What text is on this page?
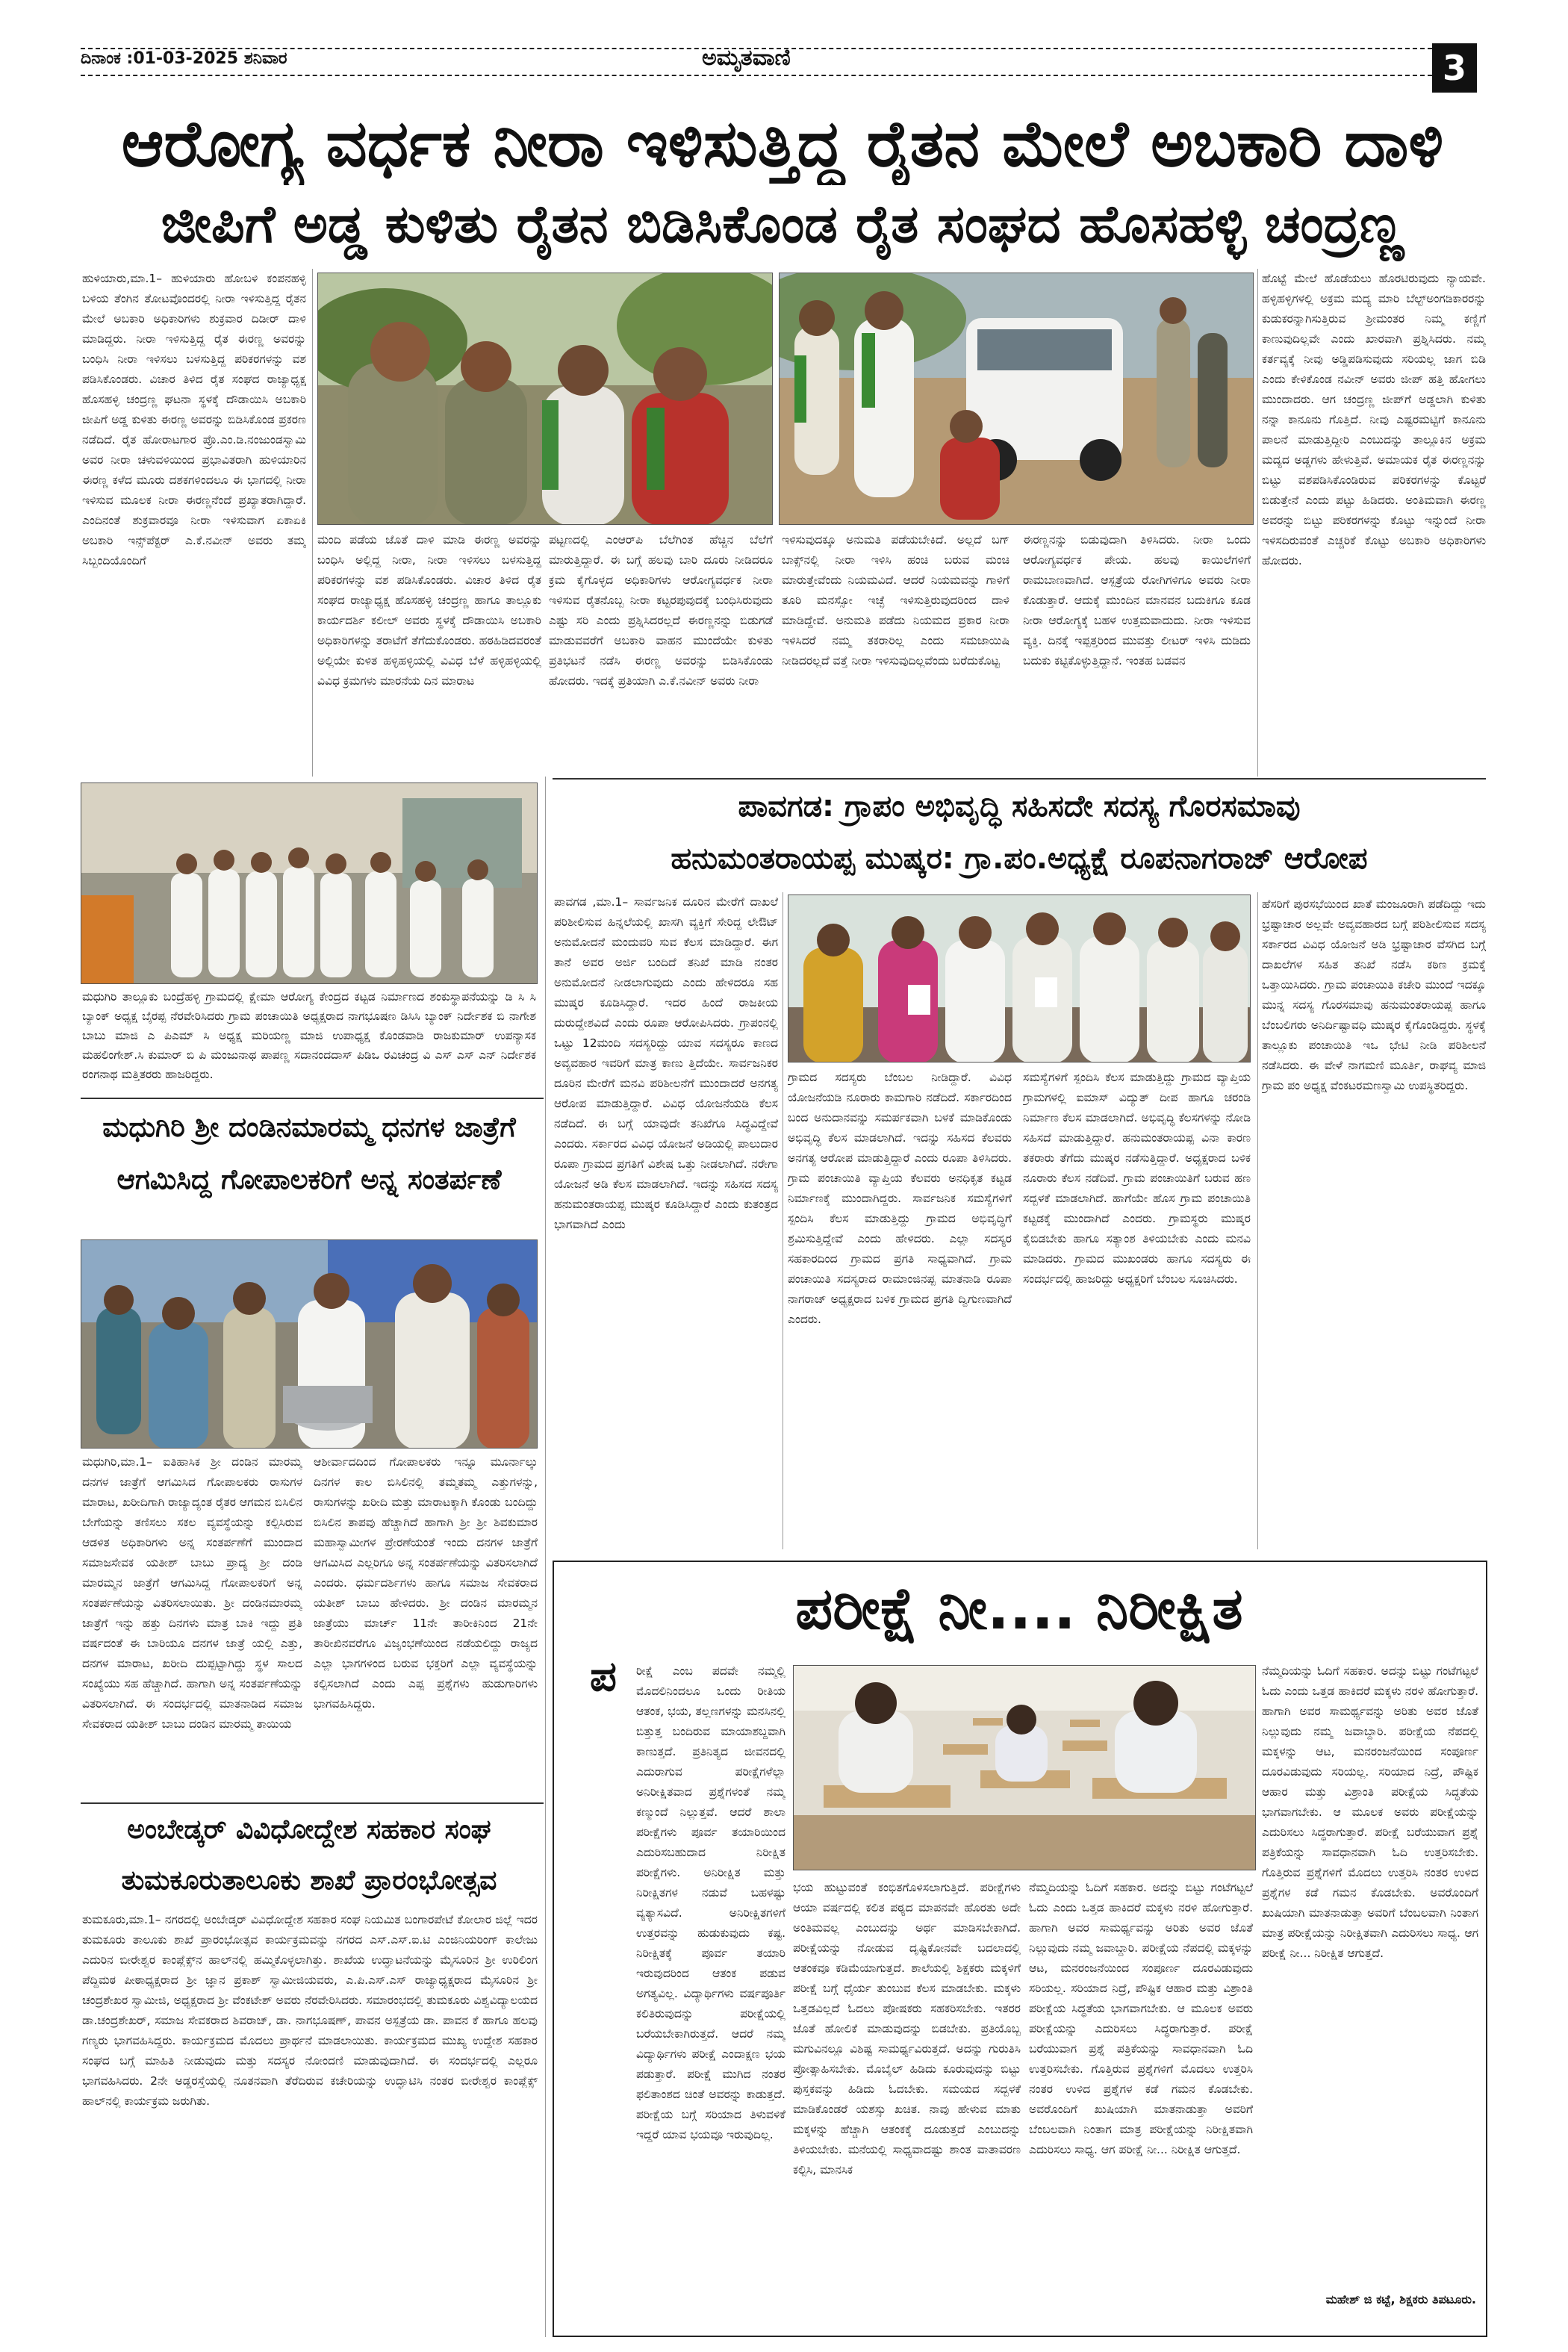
ದಿನಾಂಕ :01-03-2025 ಶನಿವಾರ	ಅಮೃತವಾಣಿ	3
ಆರೋಗ್ಯ ವರ್ಧಕ ನೀರಾ ಇಳಿಸುತ್ತಿದ್ದ ರೈತನ ಮೇಲೆ ಅಬಕಾರಿ ದಾಳಿ
ಜೀಪಿಗೆ ಅಡ್ಡ ಕುಳಿತು ರೈತನ ಬಿಡಿಸಿಕೊಂಡ ರೈತ ಸಂಘದ ಹೊಸಹಳ್ಳಿ ಚಂದ್ರಣ್ಣ
ಹುಳಿಯಾರು,ಮಾ.1– ಹುಳಿಯಾರು ಹೋಬಳಿ ಕಂಪನಹಳ್ಳಿ ಬಳಿಯ ತೆಂಗಿನ ತೋಟವೊಂದರಲ್ಲಿ ನೀರಾ ಇಳಿಸುತ್ತಿದ್ದ ರೈತನ ಮೇಲೆ ಅಬಕಾರಿ ಅಧಿಕಾರಿಗಳು ಶುಕ್ರವಾರ ದಿಡೀರ್ ದಾಳಿ ಮಾಡಿದ್ದರು. ನೀರಾ ಇಳಿಸುತ್ತಿದ್ದ ರೈತ ಈರಣ್ಣ ಅವರನ್ನು ಬಂಧಿಸಿ ನೀರಾ ಇಳಿಸಲು ಬಳಸುತ್ತಿದ್ದ ಪರಿಕರಗಳನ್ನು ವಶ ಪಡಿಸಿಕೊಂಡರು. ವಿಚಾರ ತಿಳಿದ ರೈತ ಸಂಘದ ರಾಜ್ಯಾಧ್ಯಕ್ಷ ಹೊಸಹಳ್ಳಿ ಚಂದ್ರಣ್ಣ ಘಟನಾ ಸ್ಥಳಕ್ಕೆ ದೌಡಾಯಿಸಿ ಅಬಕಾರಿ ಜೀಪಿಗೆ ಅಡ್ಡ ಕುಳಿತು ಈರಣ್ಣ ಅವರನ್ನು ಬಿಡಿಸಿಕೊಂಡ ಪ್ರಕರಣ ನಡೆದಿದೆ. ರೈತ ಹೋರಾಟಗಾರ ಪ್ರೊ.ಎಂ.ಡಿ.ನಂಜುಂಡಸ್ವಾಮಿ ಅವರ ನೀರಾ ಚಳುವಳಿಯಿಂದ ಪ್ರಭಾವಿತರಾಗಿ ಹುಳಿಯಾರಿನ ಈರಣ್ಣ ಕಳೆದ ಮೂರು ದಶಕಗಳಿಂದಲೂ ಈ ಭಾಗದಲ್ಲಿ ನೀರಾ ಇಳಿಸುವ ಮೂಲಕ ನೀರಾ ಈರಣ್ಣನೆಂದೆ ಪ್ರಖ್ಯಾತರಾಗಿದ್ದಾರೆ. ಎಂದಿನಂತೆ ಶುಕ್ರವಾರವೂ ನೀರಾ ಇಳಿಸುವಾಗ ಏಕಾಏಕಿ ಅಬಕಾರಿ ಇನ್ಸ್‌ಪೆಕ್ಟರ್ ಎ.ಕೆ.ನವೀನ್ ಅವರು ತಮ್ಮ ಸಿಬ್ಬಂದಿಯೊಂದಿಗೆ
ಮಂದಿ ಪಡೆಯ ಜೊತೆ ದಾಳಿ ಮಾಡಿ ಈರಣ್ಣ ಅವರನ್ನು ಬಂಧಿಸಿ ಅಲ್ಲಿದ್ದ ನೀರಾ, ನೀರಾ ಇಳಿಸಲು ಬಳಸುತ್ತಿದ್ದ ಪರಿಕರಗಳನ್ನು ವಶ ಪಡಿಸಿಕೊಂಡರು. ವಿಚಾರ ತಿಳಿದ ರೈತ ಸಂಘದ ರಾಜ್ಯಾಧ್ಯಕ್ಷ ಹೊಸಹಳ್ಳಿ ಚಂದ್ರಣ್ಣ ಹಾಗೂ ತಾಲ್ಲೂಕು ಕಾರ್ಯದರ್ಶಿ ಕಲೀಲ್ ಅವರು ಸ್ಥಳಕ್ಕೆ ದೌಡಾಯಿಸಿ ಅಬಕಾರಿ ಅಧಿಕಾರಿಗಳನ್ನು ತರಾಟೆಗೆ ತೆಗೆದುಕೊಂಡರು. ಹಠಹಿಡಿದವರಂತೆ ಅಲ್ಲಿಯೇ ಕುಳಿತ ಹಳ್ಳಿಹಳ್ಳಿಯಲ್ಲಿ ವಿವಿಧ ಬೆಳೆ ಹಳ್ಳಿಹಳ್ಳಿಯಲ್ಲಿ ವಿವಿಧ ಕ್ರಮಗಳು ಮಾರನೆಯ ದಿನ ಮಾರಾಟ
ಪಟ್ಟಣದಲ್ಲಿ ಎಂಆರ್‌ಪಿ ಬೆಲೆಗಿಂತ ಹೆಚ್ಚಿನ ಬೆಲೆಗೆ ಮಾರುತ್ತಿದ್ದಾರೆ. ಈ ಬಗ್ಗೆ ಹಲವು ಬಾರಿ ದೂರು ನೀಡಿದರೂ ಕ್ರಮ ಕೈಗೊಳ್ಳದ ಅಧಿಕಾರಿಗಳು ಆರೋಗ್ಯವರ್ಧಕ ನೀರಾ ಇಳಿಸುವ ರೈತನೊಬ್ಬ ನೀರಾ ಕಟ್ಟರಪುವುದಕ್ಕೆ ಬಂಧಿಸಿರುವುದು ಎಷ್ಟು ಸರಿ ಎಂದು ಪ್ರಶ್ನಿಸಿದರಲ್ಲದೆ ಈರಣ್ಣನನ್ನು ಬಿಡುಗಡೆ ಮಾಡುವವರೆಗೆ ಅಬಕಾರಿ ವಾಹನ ಮುಂದೆಯೇ ಕುಳಿತು ಪ್ರತಿಭಟನೆ ನಡೆಸಿ ಈರಣ್ಣ ಅವರನ್ನು ಬಿಡಿಸಿಕೊಂಡು ಹೋದರು. ಇದಕ್ಕೆ ಪ್ರತಿಯಾಗಿ ಎ.ಕೆ.ನವೀನ್ ಅವರು ನೀರಾ
ಇಳಿಸುವುದಕ್ಕೂ ಅನುಮತಿ ಪಡೆಯಬೇಕಿದೆ. ಅಲ್ಲದೆ ಬಗ್ ಬಾಕ್ಸ್‌ನಲ್ಲಿ ನೀರಾ ಇಳಿಸಿ ಹಂಚಿ ಬರುವ ಮಂಚಿ ಮಾರುತ್ತೇವೆಂದು ನಿಯಮವಿದೆ. ಆದರೆ ನಿಯಮವನ್ನು ಗಾಳಿಗೆ ತೂರಿ ಮನಸ್ಸೋ ಇಚ್ಛೆ ಇಳಿಸುತ್ತಿರುವುದರಿಂದ ದಾಳಿ ಮಾಡಿದ್ದೇವೆ. ಅನುಮತಿ ಪಡೆದು ನಿಯಮದ ಪ್ರಕಾರ ನೀರಾ ಇಳಿಸಿದರೆ ನಮ್ಮ ತಕರಾರಿಲ್ಲ ಎಂದು ಸಮಜಾಯಿಷಿ ನೀಡಿದರಲ್ಲದೆ ವತ್ತೆ ನೀರಾ ಇಳಿಸುವುದಿಲ್ಲವೆಂದು ಬರೆದುಕೊಟ್ಟ
ಈರಣ್ಣನನ್ನು ಬಿಡುವುದಾಗಿ ತಿಳಿಸಿದರು. ನೀರಾ ಒಂದು ಆರೋಗ್ಯವರ್ಧಕ ಪೇಯ. ಹಲವು ಕಾಯಿಲೆಗಳಿಗೆ ರಾಮಬಾಣವಾಗಿದೆ. ಆಸ್ಪತ್ರೆಯ ರೋಗಿಗಳಿಗೂ ಅವರು ನೀರಾ ಕೊಡುತ್ತಾರೆ. ಆದುಕ್ಕೆ ಮುಂದಿನ ಮಾನವನ ಬದುಕಿಗೂ ಕೂಡ ನೀರಾ ಆರೋಗ್ಯಕ್ಕೆ ಬಹಳ ಉತ್ತಮವಾದುದು. ನೀರಾ ಇಳಿಸುವ ವ್ಯಕ್ತಿ. ದಿನಕ್ಕೆ ಇಪ್ಪತ್ತರಿಂದ ಮುವತ್ತು ಲೀಟರ್ ಇಳಿಸಿ ದುಡಿದು ಬದುಕು ಕಟ್ಟಿಕೊಳ್ಳುತ್ತಿದ್ದಾನೆ. ಇಂತಹ ಬಡವನ
ಹೊಟ್ಟೆ ಮೇಲೆ ಹೊಡೆಯಲು ಹೊರಟಿರುವುದು ನ್ಯಾಯವೇ. ಹಳ್ಳಿಹಳ್ಳಿಗಳಲ್ಲಿ ಅಕ್ರಮ ಮದ್ಯ ಮಾರಿ ಬೆಲ್ಟ್‌ಅಂಗಡಿಕಾರರನ್ನು ಕುಡುಕರನ್ನಾಗಿಸುತ್ತಿರುವ ಶ್ರೀಮಂತರ ನಿಮ್ಮ ಕಣ್ಣಿಗೆ ಕಾಣುವುದಿಲ್ಲವೇ ಎಂದು ಖಾರವಾಗಿ ಪ್ರಶ್ನಿಸಿದರು. ನಮ್ಮ ಕರ್ತವ್ಯಕ್ಕೆ ನೀವು ಅಡ್ಡಿಪಡಿಸುವುದು ಸರಿಯಲ್ಲ ಜಾಗ ಬಿಡಿ ಎಂದು ಕೇಳಿಕೊಂಡ ನವೀನ್ ಅವರು ಜೀಪ್ ಹತ್ತಿ ಹೋಗಲು ಮುಂದಾದರು. ಆಗ ಚಂದ್ರಣ್ಣ ಜೀಪ್‌ಗೆ ಅಡ್ಡಲಾಗಿ ಕುಳಿತು ನನ್ನಾ ಕಾನೂನು ಗೊತ್ತಿದೆ. ನೀವು ಎಷ್ಟರಮಟ್ಟಿಗೆ ಕಾನೂನು ಪಾಲನೆ ಮಾಡುತ್ತಿದ್ದೀರಿ ಎಂಬುದನ್ನು ತಾಲ್ಲೂಕಿನ ಅಕ್ರಮ ಮದ್ಯದ ಅಡ್ಡಗಳು ಹೇಳುತ್ತಿವೆ. ಅಮಾಯಕ ರೈತ ಈರಣ್ಣನನ್ನು ಬಿಟ್ಟು ವಶಪಡಿಸಿಕೊಂಡಿರುವ ಪರಿಕರಗಳನ್ನು ಕೊಟ್ಟರೆ ಬಿಡುತ್ತೇನೆ ಎಂದು ಪಟ್ಟು ಹಿಡಿದರು. ಅಂತಿಮವಾಗಿ ಈರಣ್ಣ ಅವರನ್ನು ಬಿಟ್ಟು ಪರಿಕರಗಳನ್ನು ಕೊಟ್ಟು ಇನ್ನುಂದೆ ನೀರಾ ಇಳಿಸದಿರುವಂತೆ ಎಚ್ಚರಿಕೆ ಕೊಟ್ಟು ಅಬಕಾರಿ ಅಧಿಕಾರಿಗಳು ಹೋದರು.
ಮಧುಗಿರಿ ತಾಲ್ಲೂಕು ಬಂದ್ರೆಹಳ್ಳಿ ಗ್ರಾಮದಲ್ಲಿ ಕ್ಷೇಮಾ ಆರೋಗ್ಯ ಕೇಂದ್ರದ ಕಟ್ಟಡ ನಿರ್ಮಾಣದ ಶಂಕುಸ್ಥಾಪನೆಯನ್ನು ಡಿ ಸಿ ಸಿ ಬ್ಯಾಂಕ್ ಅಧ್ಯಕ್ಷ ಬೈರಪ್ಪ ನೆರವೇರಿಸಿದರು ಗ್ರಾಮ ಪಂಚಾಯಿತಿ ಅಧ್ಯಕ್ಷರಾದ ನಾಗಭೂಷಣ ಡಿಸಿಸಿ ಬ್ಯಾಂಕ್ ನಿರ್ದೇಶಕ ಬಿ ನಾಗೇಶ ಬಾಬು ಮಾಜಿ ಎ ಪಿಎಮ್ ಸಿ ಅಧ್ಯಕ್ಷ ಮರಿಯಣ್ಣ ಮಾಜಿ ಉಪಾಧ್ಯಕ್ಷ ಕೊಂಡವಾಡಿ ರಾಜಕುಮಾರ್ ಉಪನ್ಯಾಸಕ ಮಹಲಿಂಗೇಶ್.ಸಿ ಕುಮಾರ್ ಬಿ ಪಿ ಮಂಜುನಾಥ ಪಾಪಣ್ಣ ಸದಾನಂದದಾಸ್ ಪಿಡಿಒ ರವಿಚಂದ್ರ ವಿ ಎಸ್ ಎಸ್ ಎನ್ ನಿರ್ದೇಶಕ ರಂಗನಾಥ ಮತ್ತಿತರರು ಹಾಜರಿದ್ದರು.
ಮಧುಗಿರಿ ಶ್ರೀ ದಂಡಿನಮಾರಮ್ಮ ಧನಗಳ ಜಾತ್ರೆಗೆ
ಆಗಮಿಸಿದ್ದ ಗೋಪಾಲಕರಿಗೆ ಅನ್ನ ಸಂತರ್ಪಣೆ
ಮಧುಗಿರಿ,ಮಾ.1– ಐತಿಹಾಸಿಕ ಶ್ರೀ ದಂಡಿನ ಮಾರಮ್ಮ ದನಗಳ ಜಾತ್ರೆಗೆ ಆಗಮಿಸಿದ ಗೋಪಾಲಕರು ರಾಸುಗಳ ಮಾರಾಟ, ಖರೀದಿಗಾಗಿ ರಾಜ್ಯಾದ್ಯಂತ ರೈತರ ಆಗಮನ ಬಿಸಿಲಿನ ಬೇಗೆಯನ್ನು ತಣಿಸಲು ಸಕಲ ವ್ಯವಸ್ಥೆಯನ್ನು ಕಲ್ಪಿಸಿರುವ ಆಡಳಿತ ಅಧಿಕಾರಿಗಳು ಅನ್ನ ಸಂತರ್ಪಣೆಗೆ ಮುಂದಾದ ಸಮಾಜಸೇವಕ ಯತೀಶ್ ಬಾಬು ಪ್ರಾದ್ಯ ಶ್ರೀ ದಂಡಿ ಮಾರಮ್ಮನ ಜಾತ್ರೆಗೆ ಆಗಮಿಸಿದ್ದ ಗೋಪಾಲಕರಿಗೆ ಅನ್ನ ಸಂತರ್ಪಣೆಯನ್ನು ವಿತರಿಸಲಾಯಿತು. ಶ್ರೀ ದಂಡಿನಮಾರಮ್ಮ ಜಾತ್ರೆಗೆ ಇನ್ನು ಹತ್ತು ದಿನಗಳು ಮಾತ್ರ ಬಾಕಿ ಇದ್ದು ಪ್ರತಿ ವರ್ಷದಂತೆ ಈ ಬಾರಿಯೂ ದನಗಳ ಜಾತ್ರೆ ಯಲ್ಲಿ ಎತ್ತು, ದನಗಳ ಮಾರಾಟ, ಖರೀದಿ ದುಪ್ಪಟ್ಟಾಗಿದ್ದು ಸ್ಥಳ ಸಾಲದ ಸಂಖ್ಯೆಯು ಸಹ ಹೆಚ್ಚಾಗಿದೆ. ಹಾಗಾಗಿ ಅನ್ನ ಸಂತರ್ಪಣೆಯನ್ನು ವಿತರಿಸಲಾಗಿದೆ. ಈ ಸಂದರ್ಭದಲ್ಲಿ ಮಾತನಾಡಿದ ಸಮಾಜ ಸೇವಕರಾದ ಯತೀಶ್ ಬಾಬು ದಂಡಿನ ಮಾರಮ್ಮ ತಾಯಿಯ
ಆಶೀರ್ವಾದದಿಂದ ಗೋಪಾಲಕರು ಇನ್ನೂ ಮೂರ್ನಾಲ್ಕು ದಿನಗಳ ಕಾಲ ಬಿಸಿಲಿನಲ್ಲಿ ತಮ್ಮತಮ್ಮ ಎತ್ತುಗಳನ್ನು, ರಾಸುಗಳನ್ನು ಖರೀದಿ ಮತ್ತು ಮಾರಾಟಕ್ಕಾಗಿ ಕೊಂಡು ಬಂದಿದ್ದು ಬಿಸಿಲಿನ ತಾಪವು ಹೆಚ್ಚಾಗಿದೆ ಹಾಗಾಗಿ ಶ್ರೀ ಶ್ರೀ ಶಿವಕುಮಾರ ಮಹಾಸ್ವಾಮೀಗಳ ಪ್ರೇರಣೆಯಂತೆ ಇಂದು ದನಗಳ ಜಾತ್ರೆಗೆ ಆಗಮಿಸಿದ ಎಲ್ಲರಿಗೂ ಅನ್ನ ಸಂತರ್ಪಣೆಯನ್ನು ವಿತರಿಸಲಾಗಿದೆ ಎಂದರು. ಧರ್ಮದರ್ಶಿಗಳು ಹಾಗೂ ಸಮಾಜ ಸೇವಕರಾದ ಯತೀಶ್ ಬಾಬು ಹೇಳಿದರು. ಶ್ರೀ ದಂಡಿನ ಮಾರಮ್ಮನ ಜಾತ್ರೆಯು ಮಾರ್ಚ್ 11ನೇ ತಾರೀಕಿನಿಂದ 21ನೇ ತಾರೀಖಿನವರೆಗೂ ವಿಜೃಂಭಣೆಯಿಂದ ನಡೆಯಲಿದ್ದು ರಾಜ್ಯದ ಎಲ್ಲಾ ಭಾಗಗಳಿಂದ ಬರುವ ಭಕ್ತರಿಗೆ ಎಲ್ಲಾ ವ್ಯವಸ್ಥೆಯನ್ನು ಕಲ್ಪಿಸಲಾಗಿದೆ ಎಂದು ಎಪ್ಪ ಪ್ರಶ್ನೆಗಳು ಹುಡುಗಾರಿಗಳು ಭಾಗವಹಿಸಿದ್ದರು.
ಅಂಬೇಡ್ಕರ್ ವಿವಿಧೋದ್ದೇಶ ಸಹಕಾರ ಸಂಘ
ತುಮಕೂರುತಾಲೂಕು ಶಾಖೆ ಪ್ರಾರಂಭೋತ್ಸವ
ತುಮಕೂರು,ಮಾ.1– ನಗರದಲ್ಲಿ ಅಂಬೇಡ್ಕರ್ ವಿವಿಧೋದ್ದೇಶ ಸಹಕಾರ ಸಂಘ ನಿಯಮಿತ ಬಂಗಾರಪೇಟೆ ಕೋಲಾರ ಜಿಲ್ಲೆ ಇದರ ತುಮಕೂರು ತಾಲೂಕು ಶಾಖೆ ಪ್ರಾರಂಭೋತ್ಸವ ಕಾರ್ಯಕ್ರಮವನ್ನು ನಗರದ ಎಸ್.ಎಸ್.ಐ.ಟಿ ಎಂಜಿನಿಯರಿಂಗ್ ಕಾಲೇಜು ಎದುರಿನ ಬೀರೇಶ್ವರ ಕಾಂಪ್ಲೆಕ್ಸ್‌ನ ಹಾಲ್‌ನಲ್ಲಿ ಹಮ್ಮಿಕೊಳ್ಳಲಾಗಿತ್ತು. ಶಾಖೆಯ ಉದ್ಘಾಟನೆಯನ್ನು ಮೈಸೂರಿನ ಶ್ರೀ ಉರಿಲಿಂಗ ಪೆದ್ದಿಮಠ ಪೀಠಾಧ್ಯಕ್ಷರಾದ ಶ್ರೀ ಜ್ಞಾನ ಪ್ರಕಾಶ್ ಸ್ವಾಮೀಜಿಯವರು, ಎ.ಪಿ.ಎಸ್.ಎಸ್ ರಾಜ್ಯಾಧ್ಯಕ್ಷರಾದ ಮೈಸೂರಿನ ಶ್ರೀ ಚಂದ್ರಶೇಖರ ಸ್ವಾಮೀಜಿ, ಅಧ್ಯಕ್ಷರಾದ ಶ್ರೀ ವೆಂಕಟೇಶ್ ಅವರು ನೆರವೇರಿಸಿದರು. ಸಮಾರಂಭದಲ್ಲಿ ತುಮಕೂರು ವಿಶ್ವವಿದ್ಯಾಲಯದ ಡಾ.ಚಂದ್ರಶೇಖರ್, ಸಮಾಜ ಸೇವಕರಾದ ಶಿವರಾಜ್, ಡಾ. ನಾಗಭೂಷಣ್, ಪಾವನ ಅಸ್ಪತ್ರೆಯ ಡಾ. ಪಾವನ ಕೆ ಹಾಗೂ ಹಲವು ಗಣ್ಯರು ಭಾಗವಹಿಸಿದ್ದರು. ಕಾರ್ಯಕ್ರಮದ ಮೊದಲು ಪ್ರಾರ್ಥನೆ ಮಾಡಲಾಯಿತು. ಕಾರ್ಯಕ್ರಮದ ಮುಖ್ಯ ಉದ್ದೇಶ ಸಹಕಾರ ಸಂಘದ ಬಗ್ಗೆ ಮಾಹಿತಿ ನೀಡುವುದು ಮತ್ತು ಸದಸ್ಯರ ನೋಂದಣಿ ಮಾಡುವುದಾಗಿದೆ. ಈ ಸಂದರ್ಭದಲ್ಲಿ ಎಲ್ಲರೂ ಭಾಗವಹಿಸಿದರು. 2ನೇ ಅಡ್ಡರಸ್ತೆಯಲ್ಲಿ ನೂತನವಾಗಿ ತೆರೆದಿರುವ ಕಚೇರಿಯನ್ನು ಉದ್ಘಾಟಿಸಿ ನಂತರ ಬೀರೇಶ್ವರ ಕಾಂಪ್ಲೆಕ್ಸ್ ಹಾಲ್‌ನಲ್ಲಿ ಕಾರ್ಯಕ್ರಮ ಜರುಗಿತು.
ಪಾವಗಡ: ಗ್ರಾಪಂ ಅಭಿವೃದ್ಧಿ ಸಹಿಸದೇ ಸದಸ್ಯ ಗೊರಸಮಾವು
ಹನುಮಂತರಾಯಪ್ಪ ಮುಷ್ಕರ: ಗ್ರಾ.ಪಂ.ಅಧ್ಯಕ್ಷೆ ರೂಪನಾಗರಾಜ್ ಆರೋಪ
ಪಾವಗಡ ,ಮಾ.1– ಸಾರ್ವಜನಿಕ ದೂರಿನ ಮೇರೆಗೆ ದಾಖಲೆ ಪರಿಶೀಲಿಸುವ ಹಿನ್ನಲೆಯಲ್ಲಿ ಖಾಸಗಿ ವ್ಯಕ್ತಿಗೆ ಸೇರಿದ್ದ ಲೇಔಟ್ ಅನುಮೋದನೆ ಮಂದುವರಿ ಸುವ ಕೆಲಸ ಮಾಡಿದ್ದಾರೆ. ಈಗ ತಾನೆ ಅವರ ಅರ್ಜಿ ಬಂದಿದೆ ತನಿಖೆ ಮಾಡಿ ನಂತರ ಅನುಮೋದನೆ ನೀಡಲಾಗುವುದು ಎಂದು ಹೇಳಿದರೂ ಸಹ ಮುಷ್ಕರ ಕೂಡಿಸಿದ್ದಾರೆ. ಇದರ ಹಿಂದೆ ರಾಜಕೀಯ ದುರುದ್ದೇಶವಿದೆ ಎಂದು ರೂಪಾ ಆರೋಪಿಸಿದರು. ಗ್ರಾಪಂನಲ್ಲಿ ಒಟ್ಟು 12ಮಂದಿ ಸದಸ್ಯರಿದ್ದು ಯಾವ ಸದಸ್ಯರೂ ಕಾಣದ ಅವ್ಯವಹಾರ ಇವರಿಗೆ ಮಾತ್ರ ಕಾಣು ತ್ತಿದೆಯೇ. ಸಾರ್ವಜನಿಕರ ದೂರಿನ ಮೇರೆಗೆ ಮನವಿ ಪರಿಶೀಲನೆಗೆ ಮುಂದಾದರೆ ಅನಗತ್ಯ ಆರೋಪ ಮಾಡುತ್ತಿದ್ದಾರೆ. ವಿವಿಧ ಯೋಜನೆಯಡಿ ಕೆಲಸ ನಡೆದಿದೆ. ಈ ಬಗ್ಗೆ ಯಾವುದೇ ತನಿಖೆಗೂ ಸಿದ್ಧವಿದ್ದೇವೆ ಎಂದರು. ಸರ್ಕಾರದ ವಿವಿಧ ಯೋಜನೆ ಅಡಿಯಲ್ಲಿ ಪಾಲುದಾರ ರೂಪಾ ಗ್ರಾಮದ ಪ್ರಗತಿಗೆ ವಿಶೇಷ ಒತ್ತು ನೀಡಲಾಗಿದೆ. ನರೇಗಾ ಯೋಜನೆ ಅಡಿ ಕೆಲಸ ಮಾಡಲಾಗಿದೆ. ಇದನ್ನು ಸಹಿಸದ ಸದಸ್ಯ ಹನುಮಂತರಾಯಪ್ಪ ಮುಷ್ಕರ ಕೂಡಿಸಿದ್ದಾರೆ ಎಂದು ಕುತಂತ್ರದ ಭಾಗವಾಗಿದೆ ಎಂದು
ಗ್ರಾಮದ ಸದಸ್ಯರು ಬೆಂಬಲ ನೀಡಿದ್ದಾರೆ. ವಿವಿಧ ಯೋಜನೆಯಡಿ ನೂರಾರು ಕಾಮಗಾರಿ ನಡೆದಿದೆ. ಸರ್ಕಾರದಿಂದ ಬಂದ ಅನುದಾನವನ್ನು ಸಮರ್ಪಕವಾಗಿ ಬಳಕೆ ಮಾಡಿಕೊಂಡು ಅಭಿವೃದ್ಧಿ ಕೆಲಸ ಮಾಡಲಾಗಿದೆ. ಇದನ್ನು ಸಹಿಸದ ಕೆಲವರು ಅನಗತ್ಯ ಆರೋಪ ಮಾಡುತ್ತಿದ್ದಾರೆ ಎಂದು ರೂಪಾ ತಿಳಿಸಿದರು. ಗ್ರಾಮ ಪಂಚಾಯಿತಿ ವ್ಯಾಪ್ತಿಯ ಕೆಲವರು ಅನಧಿಕೃತ ಕಟ್ಟಡ ನಿರ್ಮಾಣಕ್ಕೆ ಮುಂದಾಗಿದ್ದರು. ಸಾರ್ವಜನಿಕ ಸಮಸ್ಯೆಗಳಿಗೆ ಸ್ಪಂದಿಸಿ ಕೆಲಸ ಮಾಡುತ್ತಿದ್ದು ಗ್ರಾಮದ ಅಭಿವೃದ್ಧಿಗೆ ಶ್ರಮಿಸುತ್ತಿದ್ದೇವೆ ಎಂದು ಹೇಳಿದರು. ಎಲ್ಲಾ ಸದಸ್ಯರ ಸಹಕಾರದಿಂದ ಗ್ರಾಮದ ಪ್ರಗತಿ ಸಾಧ್ಯವಾಗಿದೆ. ಗ್ರಾಮ ಪಂಚಾಯಿತಿ ಸದಸ್ಯರಾದ ರಾಮಾಂಜಿನಪ್ಪ ಮಾತನಾಡಿ ರೂಪಾ ನಾಗರಾಜ್ ಅಧ್ಯಕ್ಷರಾದ ಬಳಿಕ ಗ್ರಾಮದ ಪ್ರಗತಿ ದ್ವಿಗುಣವಾಗಿದೆ ಎಂದರು.
ಸಮಸ್ಯೆಗಳಿಗೆ ಸ್ಪಂದಿಸಿ ಕೆಲಸ ಮಾಡುತ್ತಿದ್ದು ಗ್ರಾಮದ ವ್ಯಾಪ್ತಿಯ ಗ್ರಾಮಗಳಲ್ಲಿ ಐಮಾಸ್ ವಿದ್ಯುತ್ ದೀಪ ಹಾಗೂ ಚರಂಡಿ ನಿರ್ಮಾಣ ಕೆಲಸ ಮಾಡಲಾಗಿದೆ. ಅಭಿವೃದ್ಧಿ ಕೆಲಸಗಳನ್ನು ನೋಡಿ ಸಹಿಸದೆ ಮಾಡುತ್ತಿದ್ದಾರೆ. ಹನುಮಂತರಾಯಪ್ಪ ವಿನಾ ಕಾರಣ ತಕರಾರು ತೆಗೆದು ಮುಷ್ಕರ ನಡೆಸುತ್ತಿದ್ದಾರೆ. ಅಧ್ಯಕ್ಷರಾದ ಬಳಿಕ ನೂರಾರು ಕೆಲಸ ನಡೆದಿವೆ. ಗ್ರಾಮ ಪಂಚಾಯಿತಿಗೆ ಬರುವ ಹಣ ಸದ್ಬಳಕೆ ಮಾಡಲಾಗಿದೆ. ಹಾಗೆಯೇ ಹೊಸ ಗ್ರಾಮ ಪಂಚಾಯಿತಿ ಕಟ್ಟಡಕ್ಕೆ ಮುಂದಾಗಿದೆ ಎಂದರು. ಗ್ರಾಮಸ್ಥರು ಮುಷ್ಕರ ಕೈಬಿಡಬೇಕು ಹಾಗೂ ಸತ್ಯಾಂಶ ತಿಳಿಯಬೇಕು ಎಂದು ಮನವಿ ಮಾಡಿದರು. ಗ್ರಾಮದ ಮುಖಂಡರು ಹಾಗೂ ಸದಸ್ಯರು ಈ ಸಂದರ್ಭದಲ್ಲಿ ಹಾಜರಿದ್ದು ಅಧ್ಯಕ್ಷರಿಗೆ ಬೆಂಬಲ ಸೂಚಿಸಿದರು.
ಹೆಸರಿಗೆ ಪುರಸಭೆಯಿಂದ ಖಾತೆ ಮಂಜೂರಾಗಿ ಪಡೆದಿದ್ದು ಇದು ಭ್ರಷ್ಟಾಚಾರ ಅಲ್ಲವೇ ಅವ್ಯವಹಾರದ ಬಗ್ಗೆ ಪರಿಶೀಲಿಸುವ ಸದಸ್ಯ ಸರ್ಕಾರದ ವಿವಿಧ ಯೋಜನೆ ಅಡಿ ಭ್ರಷ್ಟಾಚಾರ ವೆಸಗಿದ ಬಗ್ಗೆ ದಾಖಲೆಗಳ ಸಹಿತ ತನಿಖೆ ನಡೆಸಿ ಕಠಿಣ ಕ್ರಮಕ್ಕೆ ಒತ್ತಾಯಿಸಿದರು. ಗ್ರಾಮ ಪಂಚಾಯಿತಿ ಕಚೇರಿ ಮುಂದೆ ಇದಕ್ಕೂ ಮುನ್ನ ಸದಸ್ಯ ಗೊರಸಮಾವು ಹನುಮಂತರಾಯಪ್ಪ ಹಾಗೂ ಬೆಂಬಲಿಗರು ಅನಿರ್ದಿಷ್ಟಾವಧಿ ಮುಷ್ಕರ ಕೈಗೊಂಡಿದ್ದರು. ಸ್ಥಳಕ್ಕೆ ತಾಲ್ಲೂಕು ಪಂಚಾಯಿತಿ ಇಒ ಭೇಟಿ ನೀಡಿ ಪರಿಶೀಲನೆ ನಡೆಸಿದರು. ಈ ವೇಳೆ ನಾಗಮಣಿ ಮೂರ್ತಿ, ರಾಘವ್ಯ ಮಾಜಿ ಗ್ರಾಮ ಪಂ ಅಧ್ಯಕ್ಷ ವೆಂಕಟರಮಣಸ್ವಾಮಿ ಉಪಸ್ಥಿತರಿದ್ದರು.
ಪರೀಕ್ಷೆ ನೀ.... ನಿರೀಕ್ಷಿತ
ಪ ರೀಕ್ಷೆ ಎಂಬ ಪದವೇ ನಮ್ಮಲ್ಲಿ ಮೊದಲಿನಿಂದಲೂ ಒಂದು ರೀತಿಯ ಆತಂಕ, ಭಯ, ತಲ್ಲಣಗಳನ್ನು ಮನಸಿನಲ್ಲಿ ಬಿತ್ತುತ್ತ ಬಂದಿರುವ ಮಾಯಾಶಬ್ದವಾಗಿ ಕಾಣುತ್ತದೆ. ಪ್ರತಿನಿತ್ಯದ ಜೀವನದಲ್ಲಿ ಎದುರಾಗುವ ಪರೀಕ್ಷೆಗಳೆಲ್ಲಾ ಅನಿರೀಕ್ಷಿತವಾದ ಪ್ರಶ್ನೆಗಳಂತೆ ನಮ್ಮ ಕಣ್ಮುಂದೆ ನಿಲ್ಲುತ್ತವೆ. ಆದರೆ ಶಾಲಾ ಪರೀಕ್ಷೆಗಳು ಪೂರ್ವ ತಯಾರಿಯಿಂದ ಎದುರಿಸಬಹುದಾದ ನಿರೀಕ್ಷಿತ ಪರೀಕ್ಷೆಗಳು. ಅನಿರೀಕ್ಷಿತ ಮತ್ತು ನಿರೀಕ್ಷಿತಗಳ ನಡುವೆ ಬಹಳಷ್ಟು ವ್ಯತ್ಯಾಸವಿದೆ. ಅನಿರೀಕ್ಷಿತಗಳಿಗೆ ಉತ್ತರವನ್ನು ಹುಡುಕುವುದು ಕಷ್ಟ. ನಿರೀಕ್ಷಿತಕ್ಕೆ ಪೂರ್ವ ತಯಾರಿ ಇರುವುದರಿಂದ ಆತಂಕ ಪಡುವ ಅಗತ್ಯವಿಲ್ಲ. ವಿದ್ಯಾರ್ಥಿಗಳು ವರ್ಷಪೂರ್ತಿ ಕಲಿತಿರುವುದನ್ನು ಪರೀಕ್ಷೆಯಲ್ಲಿ ಬರೆಯಬೇಕಾಗಿರುತ್ತದೆ. ಆದರೆ ನಮ್ಮ ವಿದ್ಯಾರ್ಥಿಗಳು ಪರೀಕ್ಷೆ ಎಂದಾಕ್ಷಣ ಭಯ ಪಡುತ್ತಾರೆ. ಪರೀಕ್ಷೆ ಮುಗಿದ ನಂತರ ಫಲಿತಾಂಶದ ಚಿಂತೆ ಅವರನ್ನು ಕಾಡುತ್ತದೆ. ಪರೀಕ್ಷೆಯ ಬಗ್ಗೆ ಸರಿಯಾದ ತಿಳುವಳಿಕೆ ಇದ್ದರೆ ಯಾವ ಭಯವೂ ಇರುವುದಿಲ್ಲ.
ಭಯ ಹುಟ್ಟುವಂತೆ ಕಂಭಿತಗೊಳಿಸಲಾಗುತ್ತಿದೆ. ಪರೀಕ್ಷೆಗಳು ಆಯಾ ವರ್ಷದಲ್ಲಿ ಕಲಿತ ಪಠ್ಯದ ಮಾಪನವೇ ಹೊರತು ಅದೇ ಅಂತಿಮವಲ್ಲ ಎಂಬುದನ್ನು ಅರ್ಥ ಮಾಡಿಸಬೇಕಾಗಿದೆ. ಪರೀಕ್ಷೆಯನ್ನು ನೋಡುವ ದೃಷ್ಟಿಕೋನವೇ ಬದಲಾದಲ್ಲಿ ಆತಂಕವೂ ಕಡಿಮೆಯಾಗುತ್ತದೆ. ಶಾಲೆಯಲ್ಲಿ ಶಿಕ್ಷಕರು ಮಕ್ಕಳಿಗೆ ಪರೀಕ್ಷೆ ಬಗ್ಗೆ ಧೈರ್ಯ ತುಂಬುವ ಕೆಲಸ ಮಾಡಬೇಕು. ಮಕ್ಕಳು ಒತ್ತಡವಿಲ್ಲದೆ ಓದಲು ಪೋಷಕರು ಸಹಕರಿಸಬೇಕು. ಇತರರ ಜೊತೆ ಹೋಲಿಕೆ ಮಾಡುವುದನ್ನು ಬಿಡಬೇಕು. ಪ್ರತಿಯೊಬ್ಬ ಮಗುವಿನಲ್ಲೂ ವಿಶಿಷ್ಟ ಸಾಮರ್ಥ್ಯವಿರುತ್ತದೆ. ಅದನ್ನು ಗುರುತಿಸಿ ಪ್ರೋತ್ಸಾಹಿಸಬೇಕು. ಮೊಬೈಲ್ ಹಿಡಿದು ಕೂರುವುದನ್ನು ಬಿಟ್ಟು ಪುಸ್ತಕವನ್ನು ಹಿಡಿದು ಓದಬೇಕು. ಸಮಯದ ಸದ್ಬಳಕೆ ಮಾಡಿಕೊಂಡರೆ ಯಶಸ್ಸು ಖಚಿತ. ನಾವು ಹೇಳುವ ಮಾತು ಮಕ್ಕಳನ್ನು ಹೆಚ್ಚಾಗಿ ಆತಂಕಕ್ಕೆ ದೂಡುತ್ತದೆ ಎಂಬುದನ್ನು ತಿಳಿಯಬೇಕು. ಮನೆಯಲ್ಲಿ ಸಾಧ್ಯವಾದಷ್ಟು ಶಾಂತ ವಾತಾವರಣ ಕಲ್ಪಿಸಿ, ಮಾನಸಿಕ
ನೆಮ್ಮದಿಯನ್ನು ಓದಿಗೆ ಸಹಕಾರ. ಅದನ್ನು ಬಿಟ್ಟು ಗಂಟೆಗಟ್ಟಲೆ ಓದು ಎಂದು ಒತ್ತಡ ಹಾಕಿದರೆ ಮಕ್ಕಳು ನರಳಿ ಹೋಗುತ್ತಾರೆ. ಹಾಗಾಗಿ ಅವರ ಸಾಮರ್ಥ್ಯವನ್ನು ಅರಿತು ಅವರ ಜೊತೆ ನಿಲ್ಲುವುದು ನಮ್ಮ ಜವಾಬ್ದಾರಿ. ಪರೀಕ್ಷೆಯ ನೆಪದಲ್ಲಿ ಮಕ್ಕಳನ್ನು ಆಟ, ಮನರಂಜನೆಯಿಂದ ಸಂಪೂರ್ಣ ದೂರವಿಡುವುದು ಸರಿಯಲ್ಲ. ಸರಿಯಾದ ನಿದ್ರೆ, ಪೌಷ್ಟಿಕ ಆಹಾರ ಮತ್ತು ವಿಶ್ರಾಂತಿ ಪರೀಕ್ಷೆಯ ಸಿದ್ಧತೆಯ ಭಾಗವಾಗಬೇಕು. ಆ ಮೂಲಕ ಅವರು ಪರೀಕ್ಷೆಯನ್ನು ಎದುರಿಸಲು ಸಿದ್ಧರಾಗುತ್ತಾರೆ. ಪರೀಕ್ಷೆ ಬರೆಯುವಾಗ ಪ್ರಶ್ನೆ ಪತ್ರಿಕೆಯನ್ನು ಸಾವಧಾನವಾಗಿ ಓದಿ ಉತ್ತರಿಸಬೇಕು. ಗೊತ್ತಿರುವ ಪ್ರಶ್ನೆಗಳಿಗೆ ಮೊದಲು ಉತ್ತರಿಸಿ ನಂತರ ಉಳಿದ ಪ್ರಶ್ನೆಗಳ ಕಡೆ ಗಮನ ಕೊಡಬೇಕು. ಅವರೊಂದಿಗೆ ಖುಷಿಯಾಗಿ ಮಾತನಾಡುತ್ತಾ ಅವರಿಗೆ ಬೆಂಬಲವಾಗಿ ನಿಂತಾಗ ಮಾತ್ರ ಪರೀಕ್ಷೆಯನ್ನು ನಿರೀಕ್ಷಿತವಾಗಿ ಎದುರಿಸಲು ಸಾಧ್ಯ. ಆಗ ಪರೀಕ್ಷೆ ನೀ... ನಿರೀಕ್ಷಿತ ಆಗುತ್ತದೆ.
ನೆಮ್ಮದಿಯನ್ನು ಓದಿಗೆ ಸಹಕಾರ. ಅದನ್ನು ಬಿಟ್ಟು ಗಂಟೆಗಟ್ಟಲೆ ಓದು ಎಂದು ಒತ್ತಡ ಹಾಕಿದರೆ ಮಕ್ಕಳು ನರಳಿ ಹೋಗುತ್ತಾರೆ. ಹಾಗಾಗಿ ಅವರ ಸಾಮರ್ಥ್ಯವನ್ನು ಅರಿತು ಅವರ ಜೊತೆ ನಿಲ್ಲುವುದು ನಮ್ಮ ಜವಾಬ್ದಾರಿ. ಪರೀಕ್ಷೆಯ ನೆಪದಲ್ಲಿ ಮಕ್ಕಳನ್ನು ಆಟ, ಮನರಂಜನೆಯಿಂದ ಸಂಪೂರ್ಣ ದೂರವಿಡುವುದು ಸರಿಯಲ್ಲ. ಸರಿಯಾದ ನಿದ್ರೆ, ಪೌಷ್ಟಿಕ ಆಹಾರ ಮತ್ತು ವಿಶ್ರಾಂತಿ ಪರೀಕ್ಷೆಯ ಸಿದ್ಧತೆಯ ಭಾಗವಾಗಬೇಕು. ಆ ಮೂಲಕ ಅವರು ಪರೀಕ್ಷೆಯನ್ನು ಎದುರಿಸಲು ಸಿದ್ಧರಾಗುತ್ತಾರೆ. ಪರೀಕ್ಷೆ ಬರೆಯುವಾಗ ಪ್ರಶ್ನೆ ಪತ್ರಿಕೆಯನ್ನು ಸಾವಧಾನವಾಗಿ ಓದಿ ಉತ್ತರಿಸಬೇಕು. ಗೊತ್ತಿರುವ ಪ್ರಶ್ನೆಗಳಿಗೆ ಮೊದಲು ಉತ್ತರಿಸಿ ನಂತರ ಉಳಿದ ಪ್ರಶ್ನೆಗಳ ಕಡೆ ಗಮನ ಕೊಡಬೇಕು. ಅವರೊಂದಿಗೆ ಖುಷಿಯಾಗಿ ಮಾತನಾಡುತ್ತಾ ಅವರಿಗೆ ಬೆಂಬಲವಾಗಿ ನಿಂತಾಗ ಮಾತ್ರ ಪರೀಕ್ಷೆಯನ್ನು ನಿರೀಕ್ಷಿತವಾಗಿ ಎದುರಿಸಲು ಸಾಧ್ಯ. ಆಗ ಪರೀಕ್ಷೆ ನೀ... ನಿರೀಕ್ಷಿತ ಆಗುತ್ತದೆ.
ಮಹೇಶ್ ಜಿ ಕಟ್ಟೆ, ಶಿಕ್ಷಕರು ತಿಪಟೂರು.
